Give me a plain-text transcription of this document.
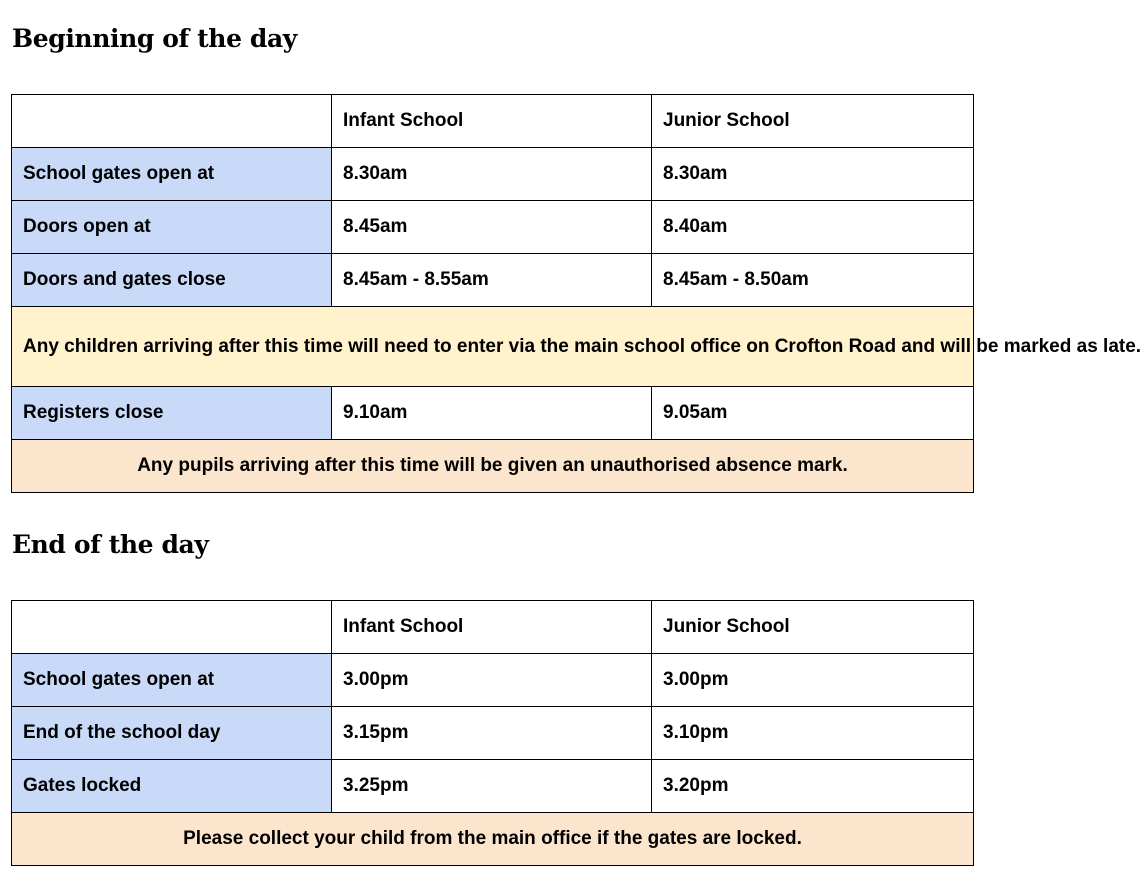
Beginning of the day
	Infant School	Junior School
School gates open at	8.30am	8.30am
Doors open at	8.45am	8.40am
Doors and gates close	8.45am - 8.55am	8.45am - 8.50am
Any children arriving after this time will need to enter via the main school office on Crofton Road and will be marked as late.		
Registers close	9.10am	9.05am
Any pupils arriving after this time will be given an unauthorised absence mark.		
End of the day
	Infant School	Junior School
School gates open at	3.00pm	3.00pm
End of the school day	3.15pm	3.10pm
Gates locked	3.25pm	3.20pm
Please collect your child from the main office if the gates are locked.		
